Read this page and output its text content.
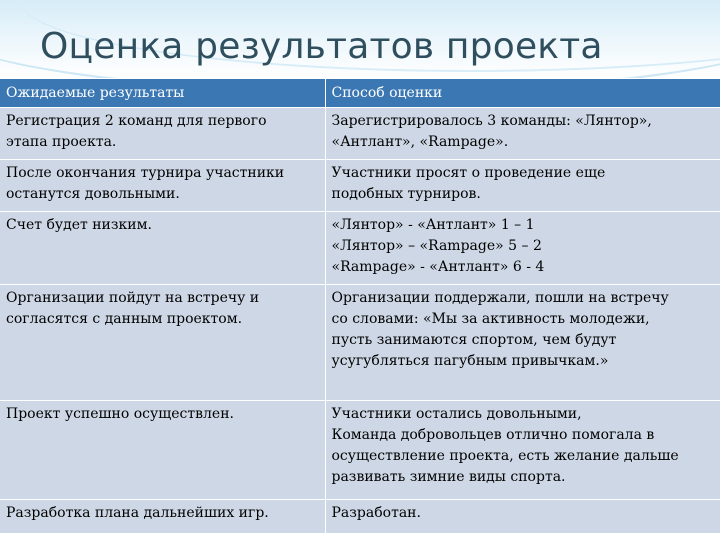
Оценка результатов проекта
Ожидаемые результаты	Способ оценки

Регистрация 2 команд для первого
этапа проекта.	Зарегистрировалось 3 команды: «Лянтор»,
«Антлант», «Rampage».

После окончания турнира участники
останутся довольными.	Участники просят о проведение еще
подобных турниров.

Счет будет низким.	«Лянтор» - «Антлант» 1 – 1
«Лянтор» – «Rampage» 5 – 2
«Rampage» - «Антлант» 6 - 4

Организации пойдут на встречу и
согласятся с данным проектом.	Организации поддержали, пошли на встречу
со словами: «Мы за активность молодежи,
пусть занимаются спортом, чем будут
усугубляться пагубным привычкам.»

Проект успешно осуществлен.	Участники остались довольными,
Команда добровольцев отлично помогала в
осуществление проекта, есть желание дальше
развивать зимние виды спорта.

Разработка плана дальнейших игр.	Разработан.
